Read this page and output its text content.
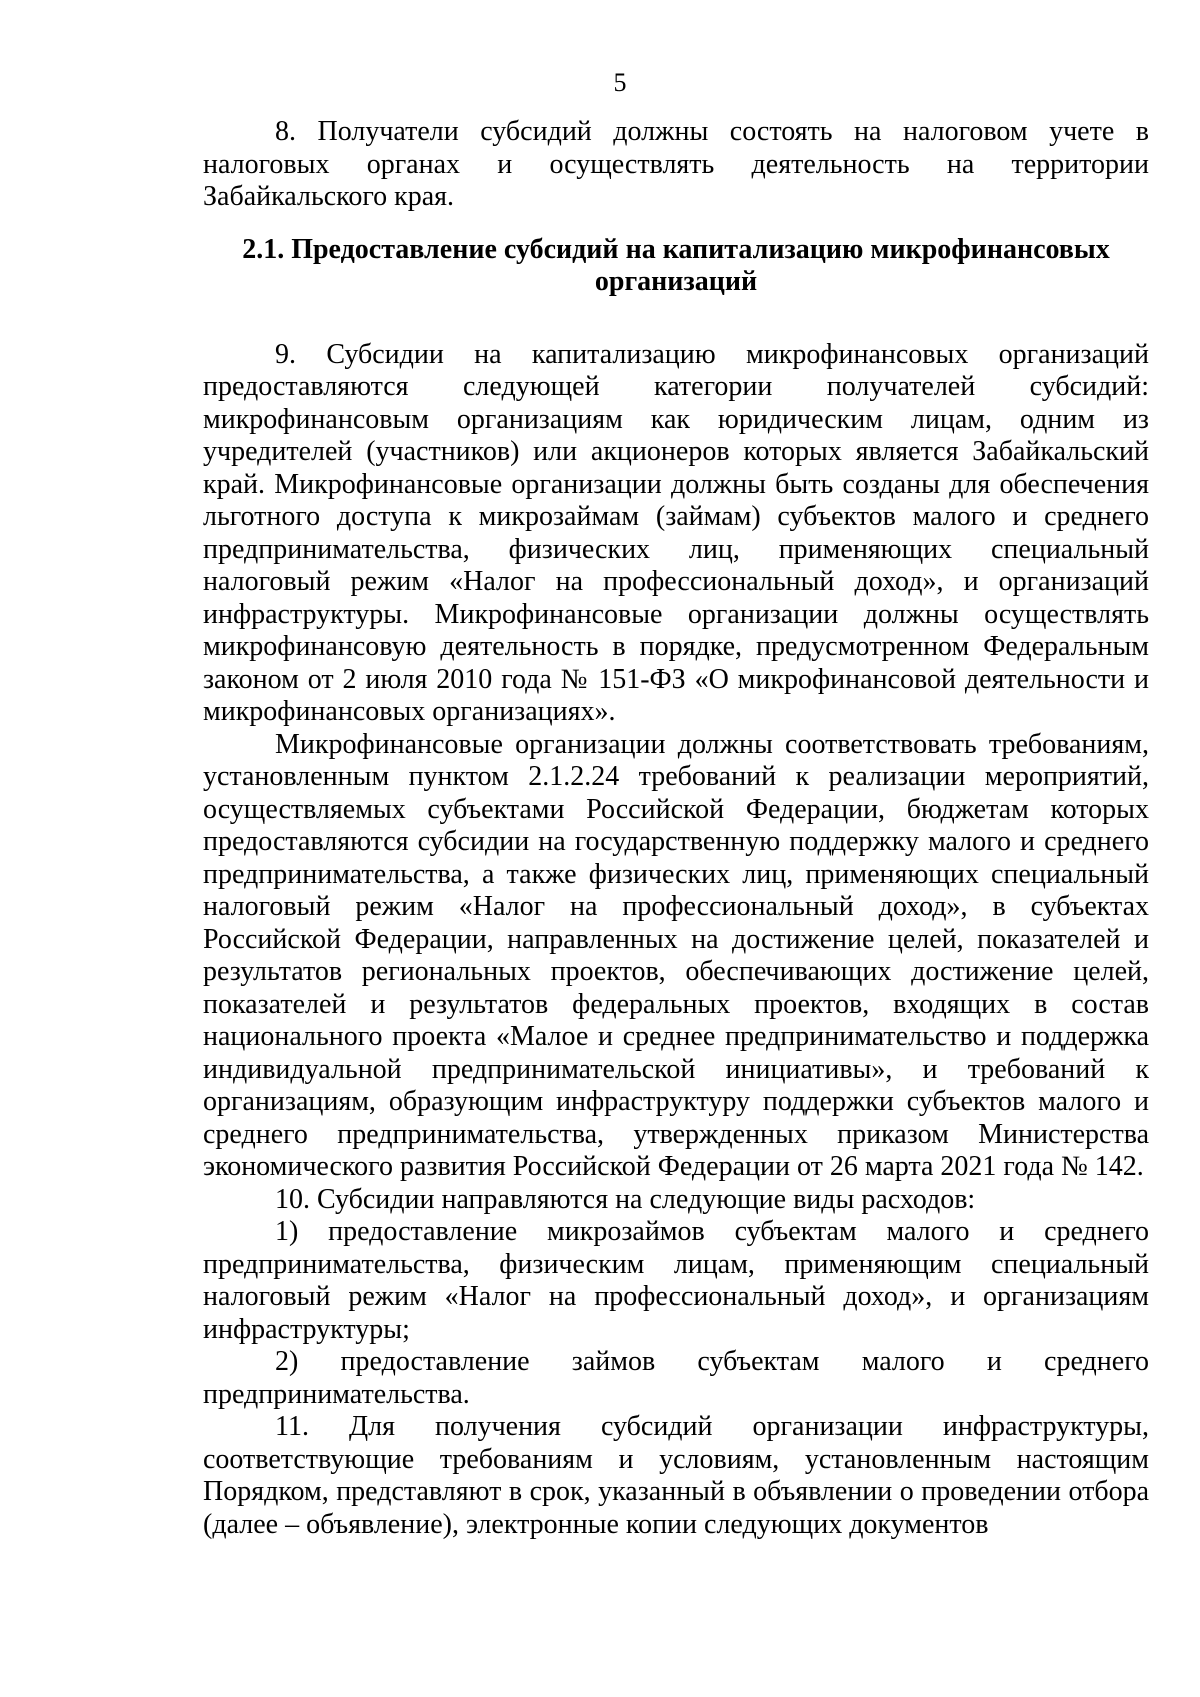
5

8. Получатели субсидий должны состоять на налоговом учете в налоговых органах и осуществлять деятельность на территории Забайкальского края.

2.1. Предоставление субсидий на капитализацию микрофинансовых организаций

9. Субсидии на капитализацию микрофинансовых организаций предоставляются следующей категории получателей субсидий: микрофинансовым организациям как юридическим лицам, одним из учредителей (участников) или акционеров которых является Забайкальский край. Микрофинансовые организации должны быть созданы для обеспечения льготного доступа к микрозаймам (займам) субъектов малого и среднего предпринимательства, физических лиц, применяющих специальный налоговый режим «Налог на профессиональный доход», и организаций инфраструктуры. Микрофинансовые организации должны осуществлять микрофинансовую деятельность в порядке, предусмотренном Федеральным законом от 2 июля 2010 года № 151-ФЗ «О микрофинансовой деятельности и микрофинансовых организациях».

Микрофинансовые организации должны соответствовать требованиям, установленным пунктом 2.1.2.24 требований к реализации мероприятий, осуществляемых субъектами Российской Федерации, бюджетам которых предоставляются субсидии на государственную поддержку малого и среднего предпринимательства, а также физических лиц, применяющих специальный налоговый режим «Налог на профессиональный доход», в субъектах Российской Федерации, направленных на достижение целей, показателей и результатов региональных проектов, обеспечивающих достижение целей, показателей и результатов федеральных проектов, входящих в состав национального проекта «Малое и среднее предпринимательство и поддержка индивидуальной предпринимательской инициативы», и требований к организациям, образующим инфраструктуру поддержки субъектов малого и среднего предпринимательства, утвержденных приказом Министерства экономического развития Российской Федерации от 26 марта 2021 года № 142.

10. Субсидии направляются на следующие виды расходов:

1) предоставление микрозаймов субъектам малого и среднего предпринимательства, физическим лицам, применяющим специальный налоговый режим «Налог на профессиональный доход», и организациям инфраструктуры;

2) предоставление займов субъектам малого и среднего предпринимательства.

11. Для получения субсидий организации инфраструктуры, соответствующие требованиям и условиям, установленным настоящим Порядком, представляют в срок, указанный в объявлении о проведении отбора (далее – объявление), электронные копии следующих документов
